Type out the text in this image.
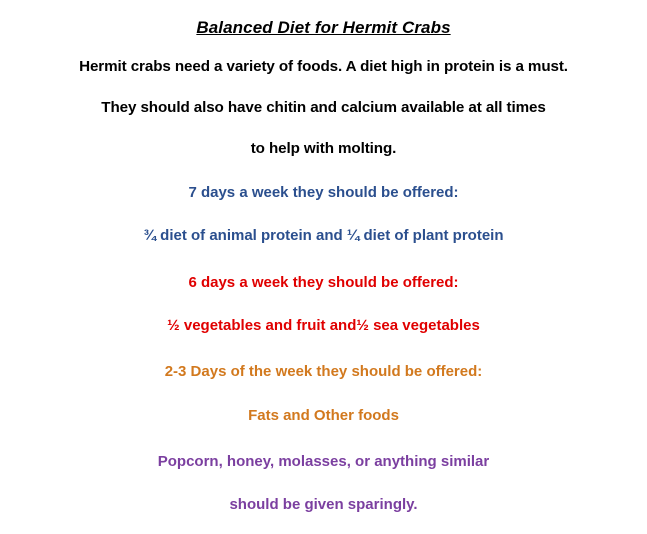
Balanced Diet for Hermit Crabs
Hermit crabs need a variety of foods. A diet high in protein is a must.
They should also have chitin and calcium available at all times
to help with molting.
7 days a week they should be offered:
¾ diet of animal protein and ¼ diet of plant protein
6 days a week they should be offered:
½ vegetables and fruit and½ sea vegetables
2-3 Days of the week they should be offered:
Fats and Other foods
Popcorn, honey, molasses, or anything similar
should be given sparingly.
